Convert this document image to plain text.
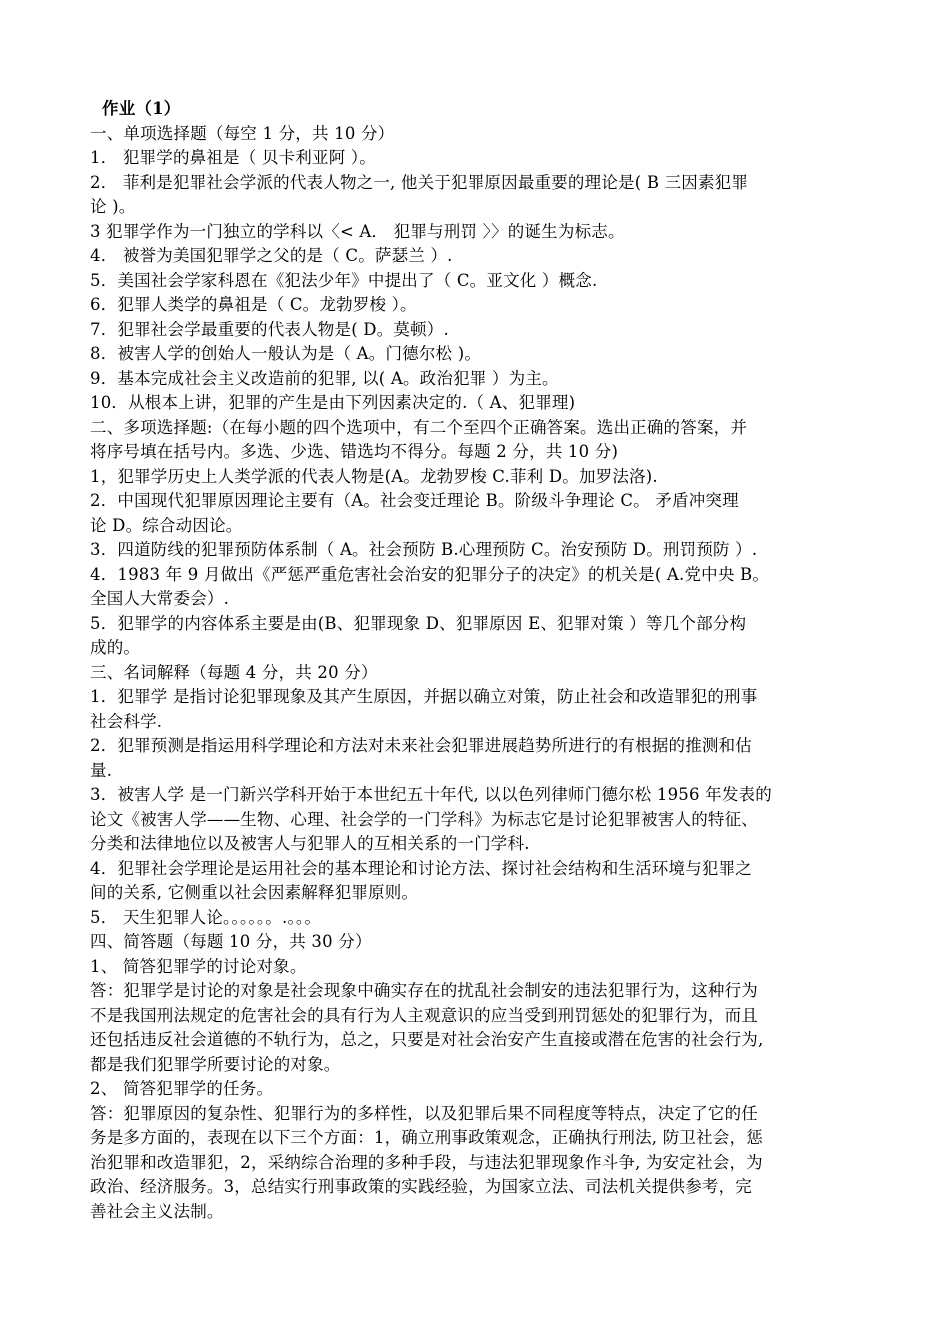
作业（1）
一、单项选择题（每空 1 分，共 10 分）
1． 犯罪学的鼻祖是（ 贝卡利亚阿 ）。
2． 菲利是犯罪社会学派的代表人物之一, 他关于犯罪原因最重要的理论是( B 三因素犯罪
论 )。
3 犯罪学作为一门独立的学科以〈< A． 犯罪与刑罚 〉〉的诞生为标志。
4． 被誉为美国犯罪学之父的是（ C。萨瑟兰 ）.
5．美国社会学家科恩在《犯法少年》中提出了（ C。亚文化 ）概念.
6．犯罪人类学的鼻祖是（ C。龙勃罗梭 ）。
7．犯罪社会学最重要的代表人物是( D。莫顿）.
8．被害人学的创始人一般认为是（ A。门德尔松 )。
9．基本完成社会主义改造前的犯罪, 以( A。政治犯罪 ）为主。
10．从根本上讲，犯罪的产生是由下列因素决定的.（ A、犯罪理)
二、多项选择题:（在每小题的四个选项中，有二个至四个正确答案。选出正确的答案，并
将序号填在括号内。多选、少选、错选均不得分。每题 2 分，共 10 分)
1，犯罪学历史上人类学派的代表人物是(A。龙勃罗梭 C.菲利 D。加罗法洛).
2．中国现代犯罪原因理论主要有（A。社会变迁理论 B。阶级斗争理论 C。 矛盾冲突理
论 D。综合动因论。
3．四道防线的犯罪预防体系制（ A。社会预防 B.心理预防 C。治安预防 D。刑罚预防 ）.
4．1983 年 9 月做出《严惩严重危害社会治安的犯罪分子的决定》的机关是( A.党中央 B。
全国人大常委会）.
5．犯罪学的内容体系主要是由(B、犯罪现象 D、犯罪原因 E、犯罪对策 ）等几个部分构
成的。
三、名词解释（每题 4 分，共 20 分）
1．犯罪学 是指讨论犯罪现象及其产生原因，并据以确立对策，防止社会和改造罪犯的刑事
社会科学.
2．犯罪预测是指运用科学理论和方法对未来社会犯罪进展趋势所进行的有根据的推测和估
量.
3．被害人学 是一门新兴学科开始于本世纪五十年代, 以以色列律师门德尔松 1956 年发表的
论文《被害人学——生物、心理、社会学的一门学科》为标志它是讨论犯罪被害人的特征、
分类和法律地位以及被害人与犯罪人的互相关系的一门学科.
4．犯罪社会学理论是运用社会的基本理论和讨论方法、探讨社会结构和生活环境与犯罪之
间的关系, 它侧重以社会因素解释犯罪原则。
5． 天生犯罪人论。。。。。。.。。。
四、简答题（每题 10 分，共 30 分）
1、 简答犯罪学的讨论对象。
答：犯罪学是讨论的对象是社会现象中确实存在的扰乱社会制安的违法犯罪行为，这种行为
不是我国刑法规定的危害社会的具有行为人主观意识的应当受到刑罚惩处的犯罪行为，而且
还包括违反社会道德的不轨行为，总之，只要是对社会治安产生直接或潜在危害的社会行为,
都是我们犯罪学所要讨论的对象。
2、 简答犯罪学的任务。
答：犯罪原因的复杂性、犯罪行为的多样性，以及犯罪后果不同程度等特点，决定了它的任
务是多方面的，表现在以下三个方面：1，确立刑事政策观念，正确执行刑法, 防卫社会，惩
治犯罪和改造罪犯，2，采纳综合治理的多种手段，与违法犯罪现象作斗争, 为安定社会，为
政治、经济服务。3，总结实行刑事政策的实践经验，为国家立法、司法机关提供参考，完
善社会主义法制。
